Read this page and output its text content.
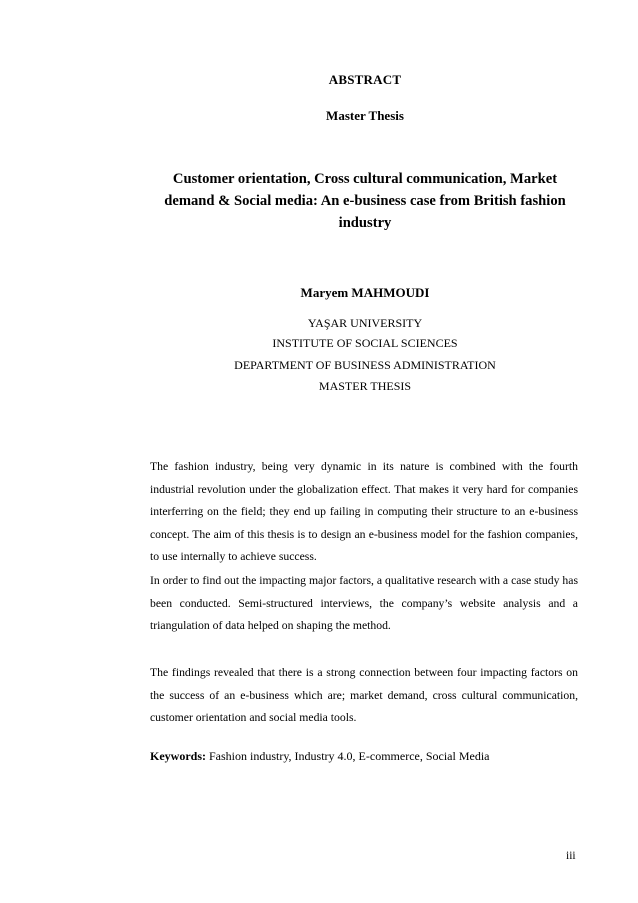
ABSTRACT

Master Thesis

Customer orientation, Cross cultural communication, Market
demand & Social media: An e-business case from British fashion
industry

Maryem MAHMOUDI

YAŞAR UNIVERSITY

INSTITUTE OF SOCIAL SCIENCES

DEPARTMENT OF BUSINESS ADMINISTRATION

MASTER THESIS

The fashion industry, being very dynamic in its nature is combined with the fourth industrial revolution under the globalization effect. That makes it very hard for companies interferring on the field; they end up failing in computing their structure to an e-business concept. The aim of this thesis is to design an e-business model for the fashion companies, to use internally to achieve success.

In order to find out the impacting major factors, a qualitative research with a case study has been conducted. Semi-structured interviews, the company’s website analysis and a triangulation of data helped on shaping the method.

The findings revealed that there is a strong connection between four impacting factors on the success of an e-business which are; market demand, cross cultural communication, customer orientation and social media tools.

Keywords: Fashion industry, Industry 4.0, E-commerce, Social Media

iii
